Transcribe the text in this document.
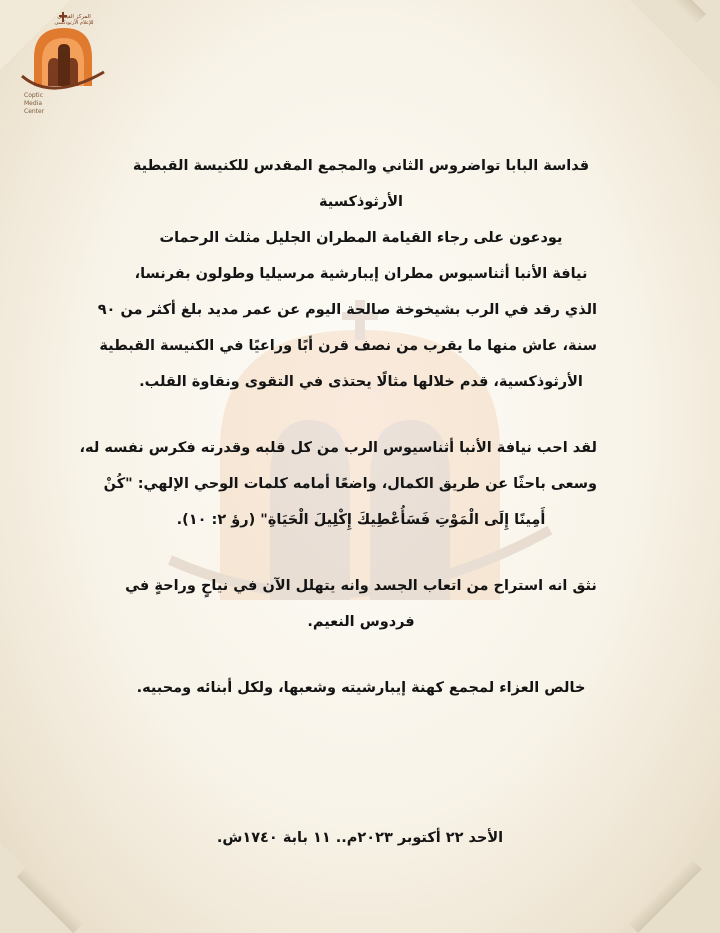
المركز القبطى
للإعلام الأرثوذكسى
Coptic
Media
Center
قداسة البابا تواضروس الثاني والمجمع المقدس للكنيسة القبطية
الأرثوذكسية
يودعون على رجاء القيامة المطران الجليل مثلث الرحمات
نيافة الأنبا أثناسيوس مطران إيبارشية مرسيليا وطولون بفرنسا،
الذي رقد في الرب بشيخوخة صالحة اليوم عن عمر مديد بلغ أكثر من ٩٠
سنة، عاش منها ما يقرب من نصف قرن أبًا وراعيًا في الكنيسة القبطية
الأرثوذكسية، قدم خلالها مثالًا يحتذى في التقوى ونقاوة القلب.
لقد احب نيافة الأنبا أثناسيوس الرب من كل قلبه وقدرته فكرس نفسه له،
وسعى باحثًا عن طريق الكمال، واضعًا أمامه كلمات الوحي الإلهي: "كُنْ
أَمِينًا إِلَى الْمَوْتِ فَسَأُعْطِيكَ إِكْلِيلَ الْحَيَاةِ" (رؤ ٢: ١٠).
نثق انه استراح من اتعاب الجسد وانه يتهلل الآن في نياحٍ وراحةٍ في
فردوس النعيم.
خالص العزاء لمجمع كهنة إيبارشيته وشعبها، ولكل أبنائه ومحبيه.
الأحد ٢٢ أكتوبر ٢٠٢٣م.. ١١ بابة ١٧٤٠ش.
